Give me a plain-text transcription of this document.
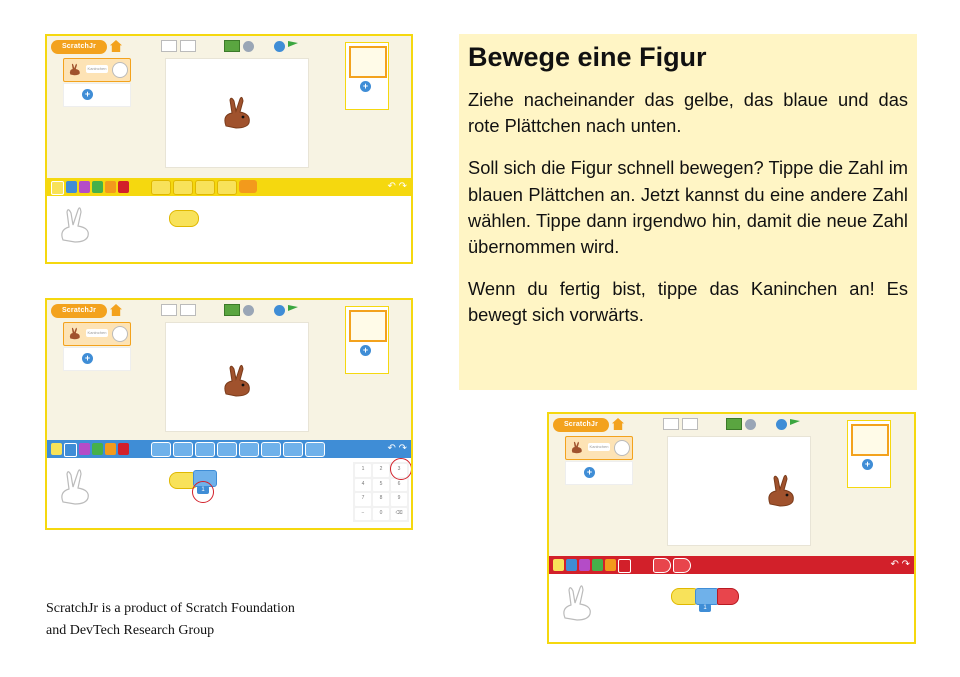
ScratchJr
Kaninchen
+
+
↶ ↷
ScratchJr
Kaninchen
+
+
↶ ↷
1
1	2	3
4	5	6
7	8	9
−	0	⌫
Bewege eine Figur

Ziehe nacheinander das gelbe, das blaue und das rote Plättchen nach unten.

Soll sich die Figur schnell bewegen? Tippe die Zahl im blauen Plättchen an. Jetzt kannst du eine andere Zahl wählen. Tippe dann irgendwo hin, damit die neue Zahl übernommen wird.

Wenn du fertig bist, tippe das Kaninchen an! Es bewegt sich vorwärts.

ScratchJr
Kaninchen
+
+
↶ ↷
1
ScratchJr is a product of Scratch Foundation
and DevTech Research Group
